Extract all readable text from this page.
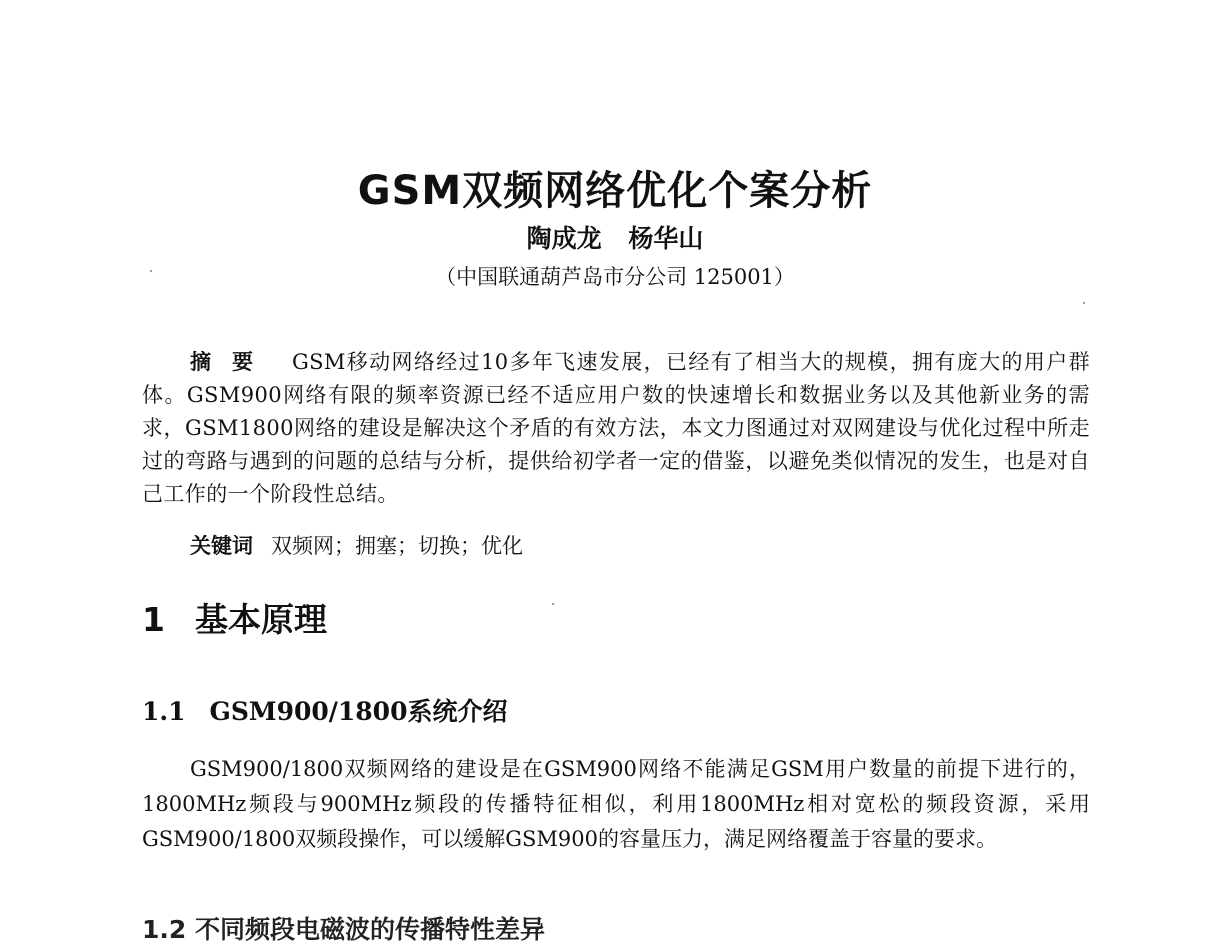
GSM双频网络优化个案分析
陶成龙 杨华山
（中国联通葫芦岛市分公司 125001）

摘要 GSM移动网络经过10多年飞速发展，已经有了相当大的规模，拥有庞大的用户群体。GSM900网络有限的频率资源已经不适应用户数的快速增长和数据业务以及其他新业务的需求，GSM1800网络的建设是解决这个矛盾的有效方法，本文力图通过对双网建设与优化过程中所走过的弯路与遇到的问题的总结与分析，提供给初学者一定的借鉴，以避免类似情况的发生，也是对自己工作的一个阶段性总结。

关键词 双频网；拥塞；切换；优化
1 基本原理
1.1 GSM900/1800系统介绍

GSM900/1800双频网络的建设是在GSM900网络不能满足GSM用户数量的前提下进行的，1800MHz频段与900MHz频段的传播特征相似，利用1800MHz相对宽松的频段资源，采用GSM900/1800双频段操作，可以缓解GSM900的容量压力，满足网络覆盖于容量的要求。

1.2 不同频段电磁波的传播特性差异
